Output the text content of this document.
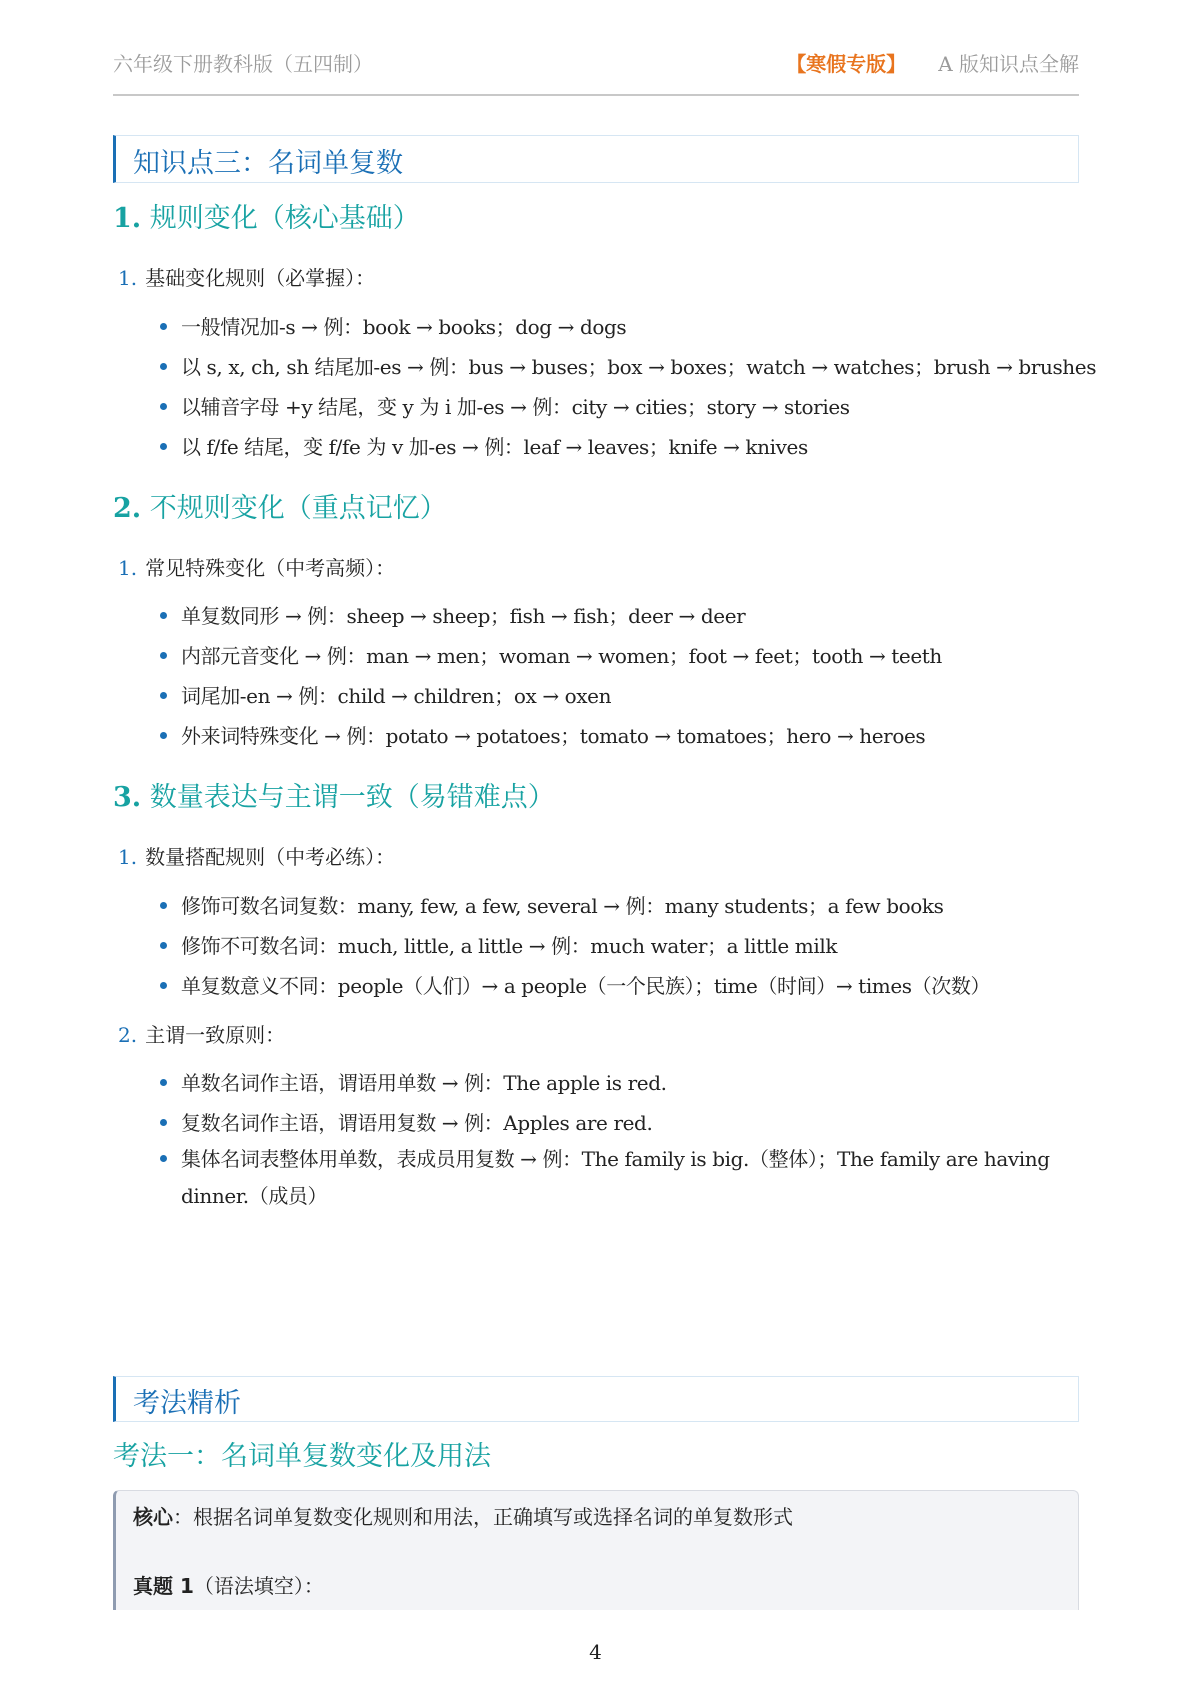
六年级下册教科版（五四制）	【寒假专版】 A 版知识点全解
知识点三：名词单复数
1. 规则变化（核心基础）
1. 基础变化规则（必掌握）：
一般情况加-s → 例：book → books；dog → dogs
以 s, x, ch, sh 结尾加-es → 例：bus → buses；box → boxes；watch → watches；brush → brushes
以辅音字母 +y 结尾，变 y 为 i 加-es → 例：city → cities；story → stories
以 f/fe 结尾，变 f/fe 为 v 加-es → 例：leaf → leaves；knife → knives
2. 不规则变化（重点记忆）
1. 常见特殊变化（中考高频）：
单复数同形 → 例：sheep → sheep；fish → fish；deer → deer
内部元音变化 → 例：man → men；woman → women；foot → feet；tooth → teeth
词尾加-en → 例：child → children；ox → oxen
外来词特殊变化 → 例：potato → potatoes；tomato → tomatoes；hero → heroes
3. 数量表达与主谓一致（易错难点）
1. 数量搭配规则（中考必练）：
修饰可数名词复数：many, few, a few, several → 例：many students；a few books
修饰不可数名词：much, little, a little → 例：much water；a little milk
单复数意义不同：people（人们）→ a people（一个民族）；time（时间）→ times（次数）
2. 主谓一致原则：
单数名词作主语，谓语用单数 → 例：The apple is red.
复数名词作主语，谓语用复数 → 例：Apples are red.
集体名词表整体用单数，表成员用复数 → 例：The family is big.（整体）；The family are having
dinner.（成员）
考法精析
考法一：名词单复数变化及用法
核心：根据名词单复数变化规则和用法，正确填写或选择名词的单复数形式
真题 1（语法填空）：
4
